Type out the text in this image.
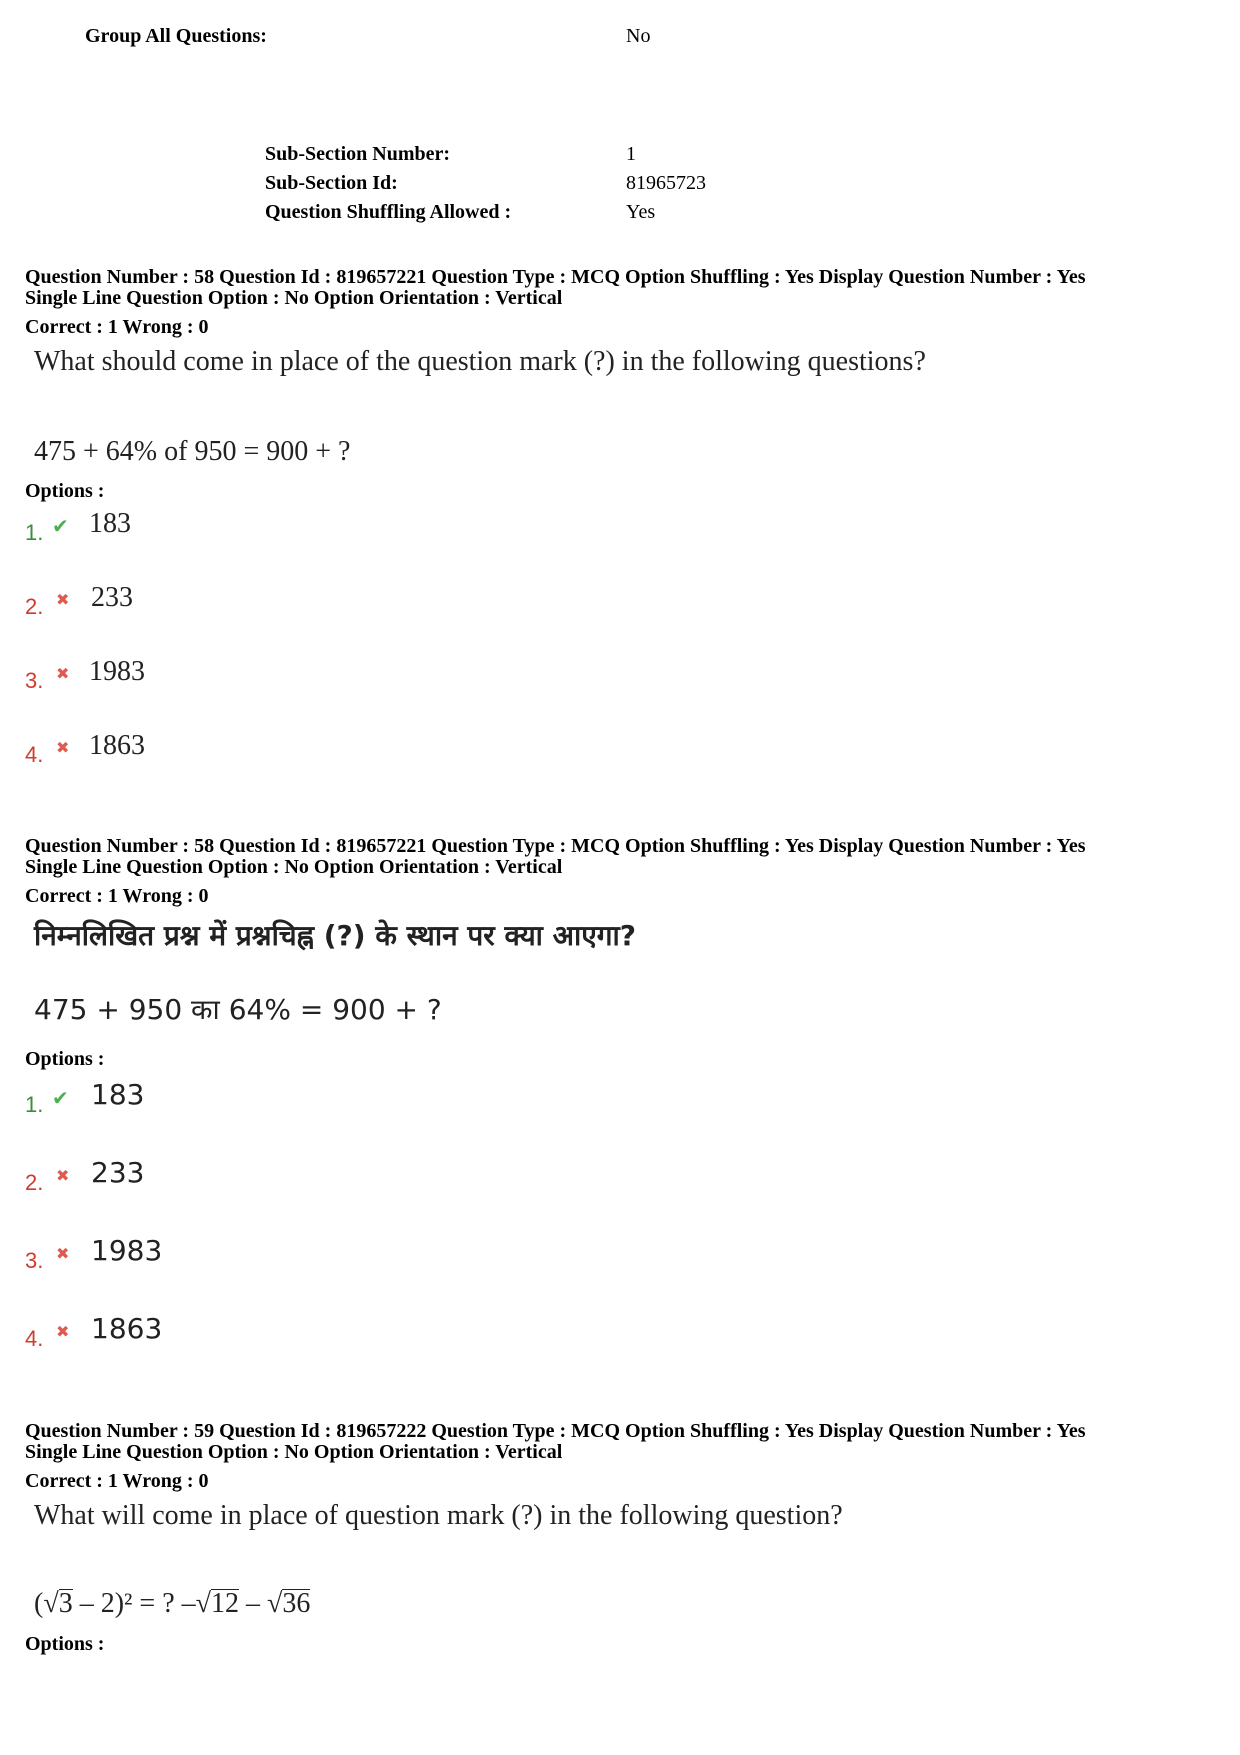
Group All Questions:	No
Sub-Section Number:	1
Sub-Section Id:	81965723
Question Shuffling Allowed :	Yes
Question Number : 58 Question Id : 819657221 Question Type : MCQ Option Shuffling : Yes Display Question Number : Yes
Single Line Question Option : No Option Orientation : Vertical
Correct : 1 Wrong : 0
What should come in place of the question mark (?) in the following questions?
475 + 64% of 950 = 900 + ?
Options :
1. ✔ 183
2. ✖ 233
3. ✖ 1983
4. ✖ 1863
Question Number : 58 Question Id : 819657221 Question Type : MCQ Option Shuffling : Yes Display Question Number : Yes
Single Line Question Option : No Option Orientation : Vertical
Correct : 1 Wrong : 0
निम्नलिखित प्रश्न में प्रश्नचिह्न (?) के स्थान पर क्या आएगा?
475 + 950 का 64% = 900 + ?
Options :
1. ✔ 183
2. ✖ 233
3. ✖ 1983
4. ✖ 1863
Question Number : 59 Question Id : 819657222 Question Type : MCQ Option Shuffling : Yes Display Question Number : Yes
Single Line Question Option : No Option Orientation : Vertical
Correct : 1 Wrong : 0
What will come in place of question mark (?) in the following question?
(√3 – 2)² = ? –√12 – √36
Options :
